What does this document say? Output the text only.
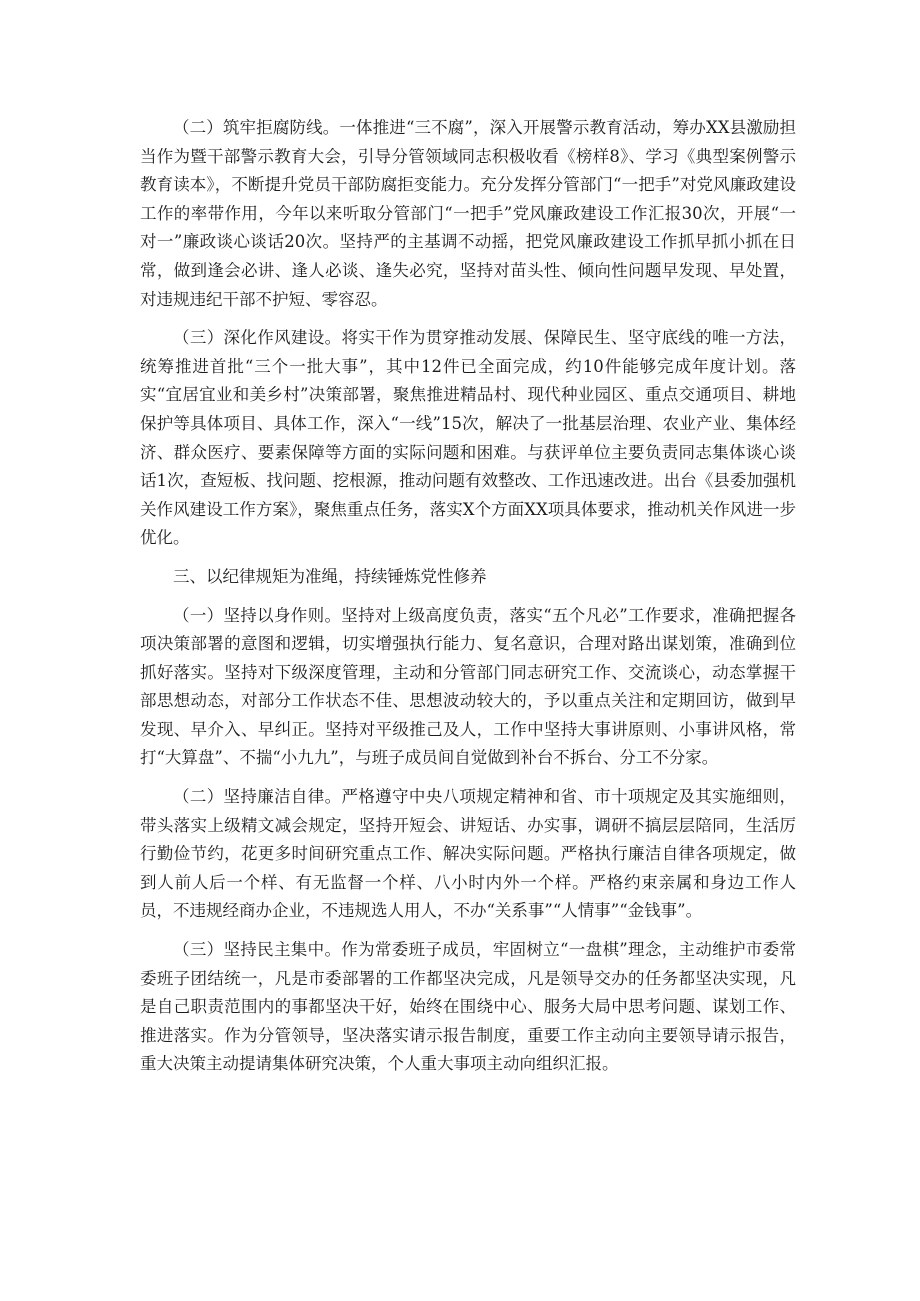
（二）筑牢拒腐防线。一体推进“三不腐”，深入开展警示教育活动，筹办XX县激励担当作为暨干部警示教育大会，引导分管领域同志积极收看《榜样8》、学习《典型案例警示教育读本》，不断提升党员干部防腐拒变能力。充分发挥分管部门“一把手”对党风廉政建设工作的率带作用，今年以来听取分管部门“一把手”党风廉政建设工作汇报30次，开展“一对一”廉政谈心谈话20次。坚持严的主基调不动摇，把党风廉政建设工作抓早抓小抓在日常，做到逢会必讲、逢人必谈、逢失必究，坚持对苗头性、倾向性问题早发现、早处置，对违规违纪干部不护短、零容忍。

（三）深化作风建设。将实干作为贯穿推动发展、保障民生、坚守底线的唯一方法，统筹推进首批“三个一批大事”，其中12件已全面完成，约10件能够完成年度计划。落实“宜居宜业和美乡村”决策部署，聚焦推进精品村、现代种业园区、重点交通项目、耕地保护等具体项目、具体工作，深入“一线”15次，解决了一批基层治理、农业产业、集体经济、群众医疗、要素保障等方面的实际问题和困难。与获评单位主要负责同志集体谈心谈话1次，查短板、找问题、挖根源，推动问题有效整改、工作迅速改进。出台《县委加强机关作风建设工作方案》，聚焦重点任务，落实X个方面XX项具体要求，推动机关作风进一步优化。

三、以纪律规矩为准绳，持续锤炼党性修养

（一）坚持以身作则。坚持对上级高度负责，落实“五个凡必”工作要求，准确把握各项决策部署的意图和逻辑，切实增强执行能力、复名意识，合理对路出谋划策，准确到位抓好落实。坚持对下级深度管理，主动和分管部门同志研究工作、交流谈心，动态掌握干部思想动态，对部分工作状态不佳、思想波动较大的，予以重点关注和定期回访，做到早发现、早介入、早纠正。坚持对平级推己及人，工作中坚持大事讲原则、小事讲风格，常打“大算盘”、不揣“小九九”，与班子成员间自觉做到补台不拆台、分工不分家。

（二）坚持廉洁自律。严格遵守中央八项规定精神和省、市十项规定及其实施细则，带头落实上级精文减会规定，坚持开短会、讲短话、办实事，调研不搞层层陪同，生活厉行勤俭节约，花更多时间研究重点工作、解决实际问题。严格执行廉洁自律各项规定，做到人前人后一个样、有无监督一个样、八小时内外一个样。严格约束亲属和身边工作人员，不违规经商办企业，不违规选人用人，不办“关系事”“人情事”“金钱事”。

（三）坚持民主集中。作为常委班子成员，牢固树立“一盘棋”理念，主动维护市委常委班子团结统一，凡是市委部署的工作都坚决完成，凡是领导交办的任务都坚决实现，凡是自己职责范围内的事都坚决干好，始终在围绕中心、服务大局中思考问题、谋划工作、推进落实。作为分管领导，坚决落实请示报告制度，重要工作主动向主要领导请示报告，重大决策主动提请集体研究决策，个人重大事项主动向组织汇报。
